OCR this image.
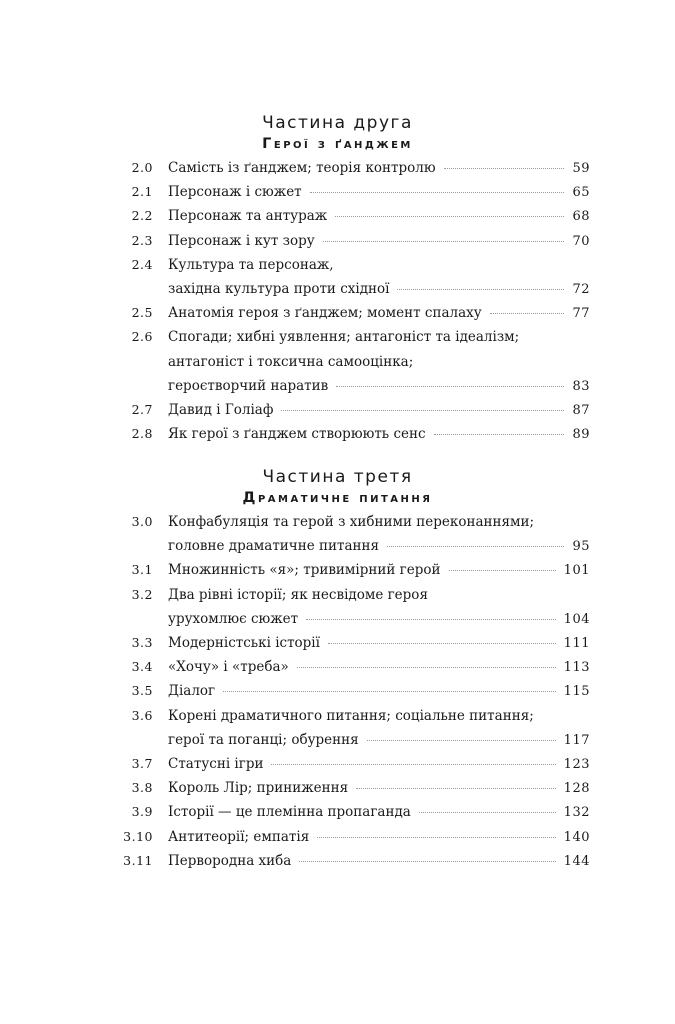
Частина друга
Герої з ґанджем
2.0 Самість із ґанджем; теорія контролю	59
2.1 Персонаж і сюжет	65
2.2 Персонаж та антураж	68
2.3 Персонаж і кут зору	70
2.4 Культура та персонаж,
західна культура проти східної	72
2.5 Анатомія героя з ґанджем; момент спалаху	77
2.6 Спогади; хибні уявлення; антагоніст та ідеалізм;
антагоніст і токсична самооцінка;
героєтворчий наратив	83
2.7 Давид і Голіаф	87
2.8 Як герої з ґанджем створюють сенс	89
Частина третя
Драматичне питання
3.0 Конфабуляція та герой з хибними переконаннями;
головне драматичне питання	95
3.1 Множинність «я»; тривимірний герой	101
3.2 Два рівні історії; як несвідоме героя
урухомлює сюжет	104
3.3 Модерністські історії	111
3.4 «Хочу» і «треба»	113
3.5 Діалог	115
3.6 Корені драматичного питання; соціальне питання;
герої та поганці; обурення	117
3.7 Статусні ігри	123
3.8 Король Лір; приниження	128
3.9 Історії — це племінна пропаганда	132
3.10 Антитеорії; емпатія	140
3.11 Первородна хиба	144
